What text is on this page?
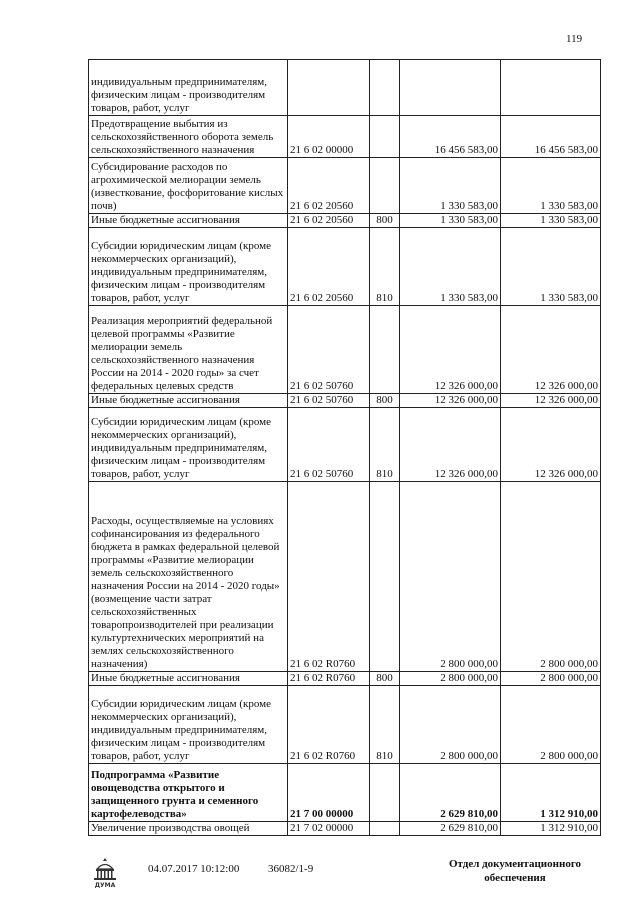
119
индивидуальным предпринимателям, физическим лицам - производителям товаров, работ, услуг				
Предотвращение выбытия из сельскохозяйственного оборота земель сельскохозяйственного назначения	21 6 02 00000		16 456 583,00	16 456 583,00
Субсидирование расходов по агрохимической мелиорации земель (известкование, фосфоритование кислых почв)	21 6 02 20560		1 330 583,00	1 330 583,00
Иные бюджетные ассигнования	21 6 02 20560	800	1 330 583,00	1 330 583,00
Субсидии юридическим лицам (кроме некоммерческих организаций), индивидуальным предпринимателям, физическим лицам - производителям товаров, работ, услуг	21 6 02 20560	810	1 330 583,00	1 330 583,00
Реализация мероприятий федеральной целевой программы «Развитие мелиорации земель сельскохозяйственного назначения России на 2014 - 2020 годы» за счет федеральных целевых средств	21 6 02 50760		12 326 000,00	12 326 000,00
Иные бюджетные ассигнования	21 6 02 50760	800	12 326 000,00	12 326 000,00
Субсидии юридическим лицам (кроме некоммерческих организаций), индивидуальным предпринимателям, физическим лицам - производителям товаров, работ, услуг	21 6 02 50760	810	12 326 000,00	12 326 000,00
Расходы, осуществляемые на условиях софинансирования из федерального бюджета в рамках федеральной целевой программы «Развитие мелиорации земель сельскохозяйственного назначения России на 2014 - 2020 годы» (возмещение части затрат сельскохозяйственных товаропроизводителей при реализации культуртехнических мероприятий на землях сельскохозяйственного назначения)	21 6 02 R0760		2 800 000,00	2 800 000,00
Иные бюджетные ассигнования	21 6 02 R0760	800	2 800 000,00	2 800 000,00
Субсидии юридическим лицам (кроме некоммерческих организаций), индивидуальным предпринимателям, физическим лицам - производителям товаров, работ, услуг	21 6 02 R0760	810	2 800 000,00	2 800 000,00
Подпрограмма «Развитие овощеводства открытого и защищенного грунта и семенного картофелеводства»	21 7 00 00000		2 629 810,00	1 312 910,00
Увеличение производства овощей	21 7 02 00000		2 629 810,00	1 312 910,00
ДУМА
04.07.2017 10:12:00	36082/1-9	Отдел документационного
обеспечения
